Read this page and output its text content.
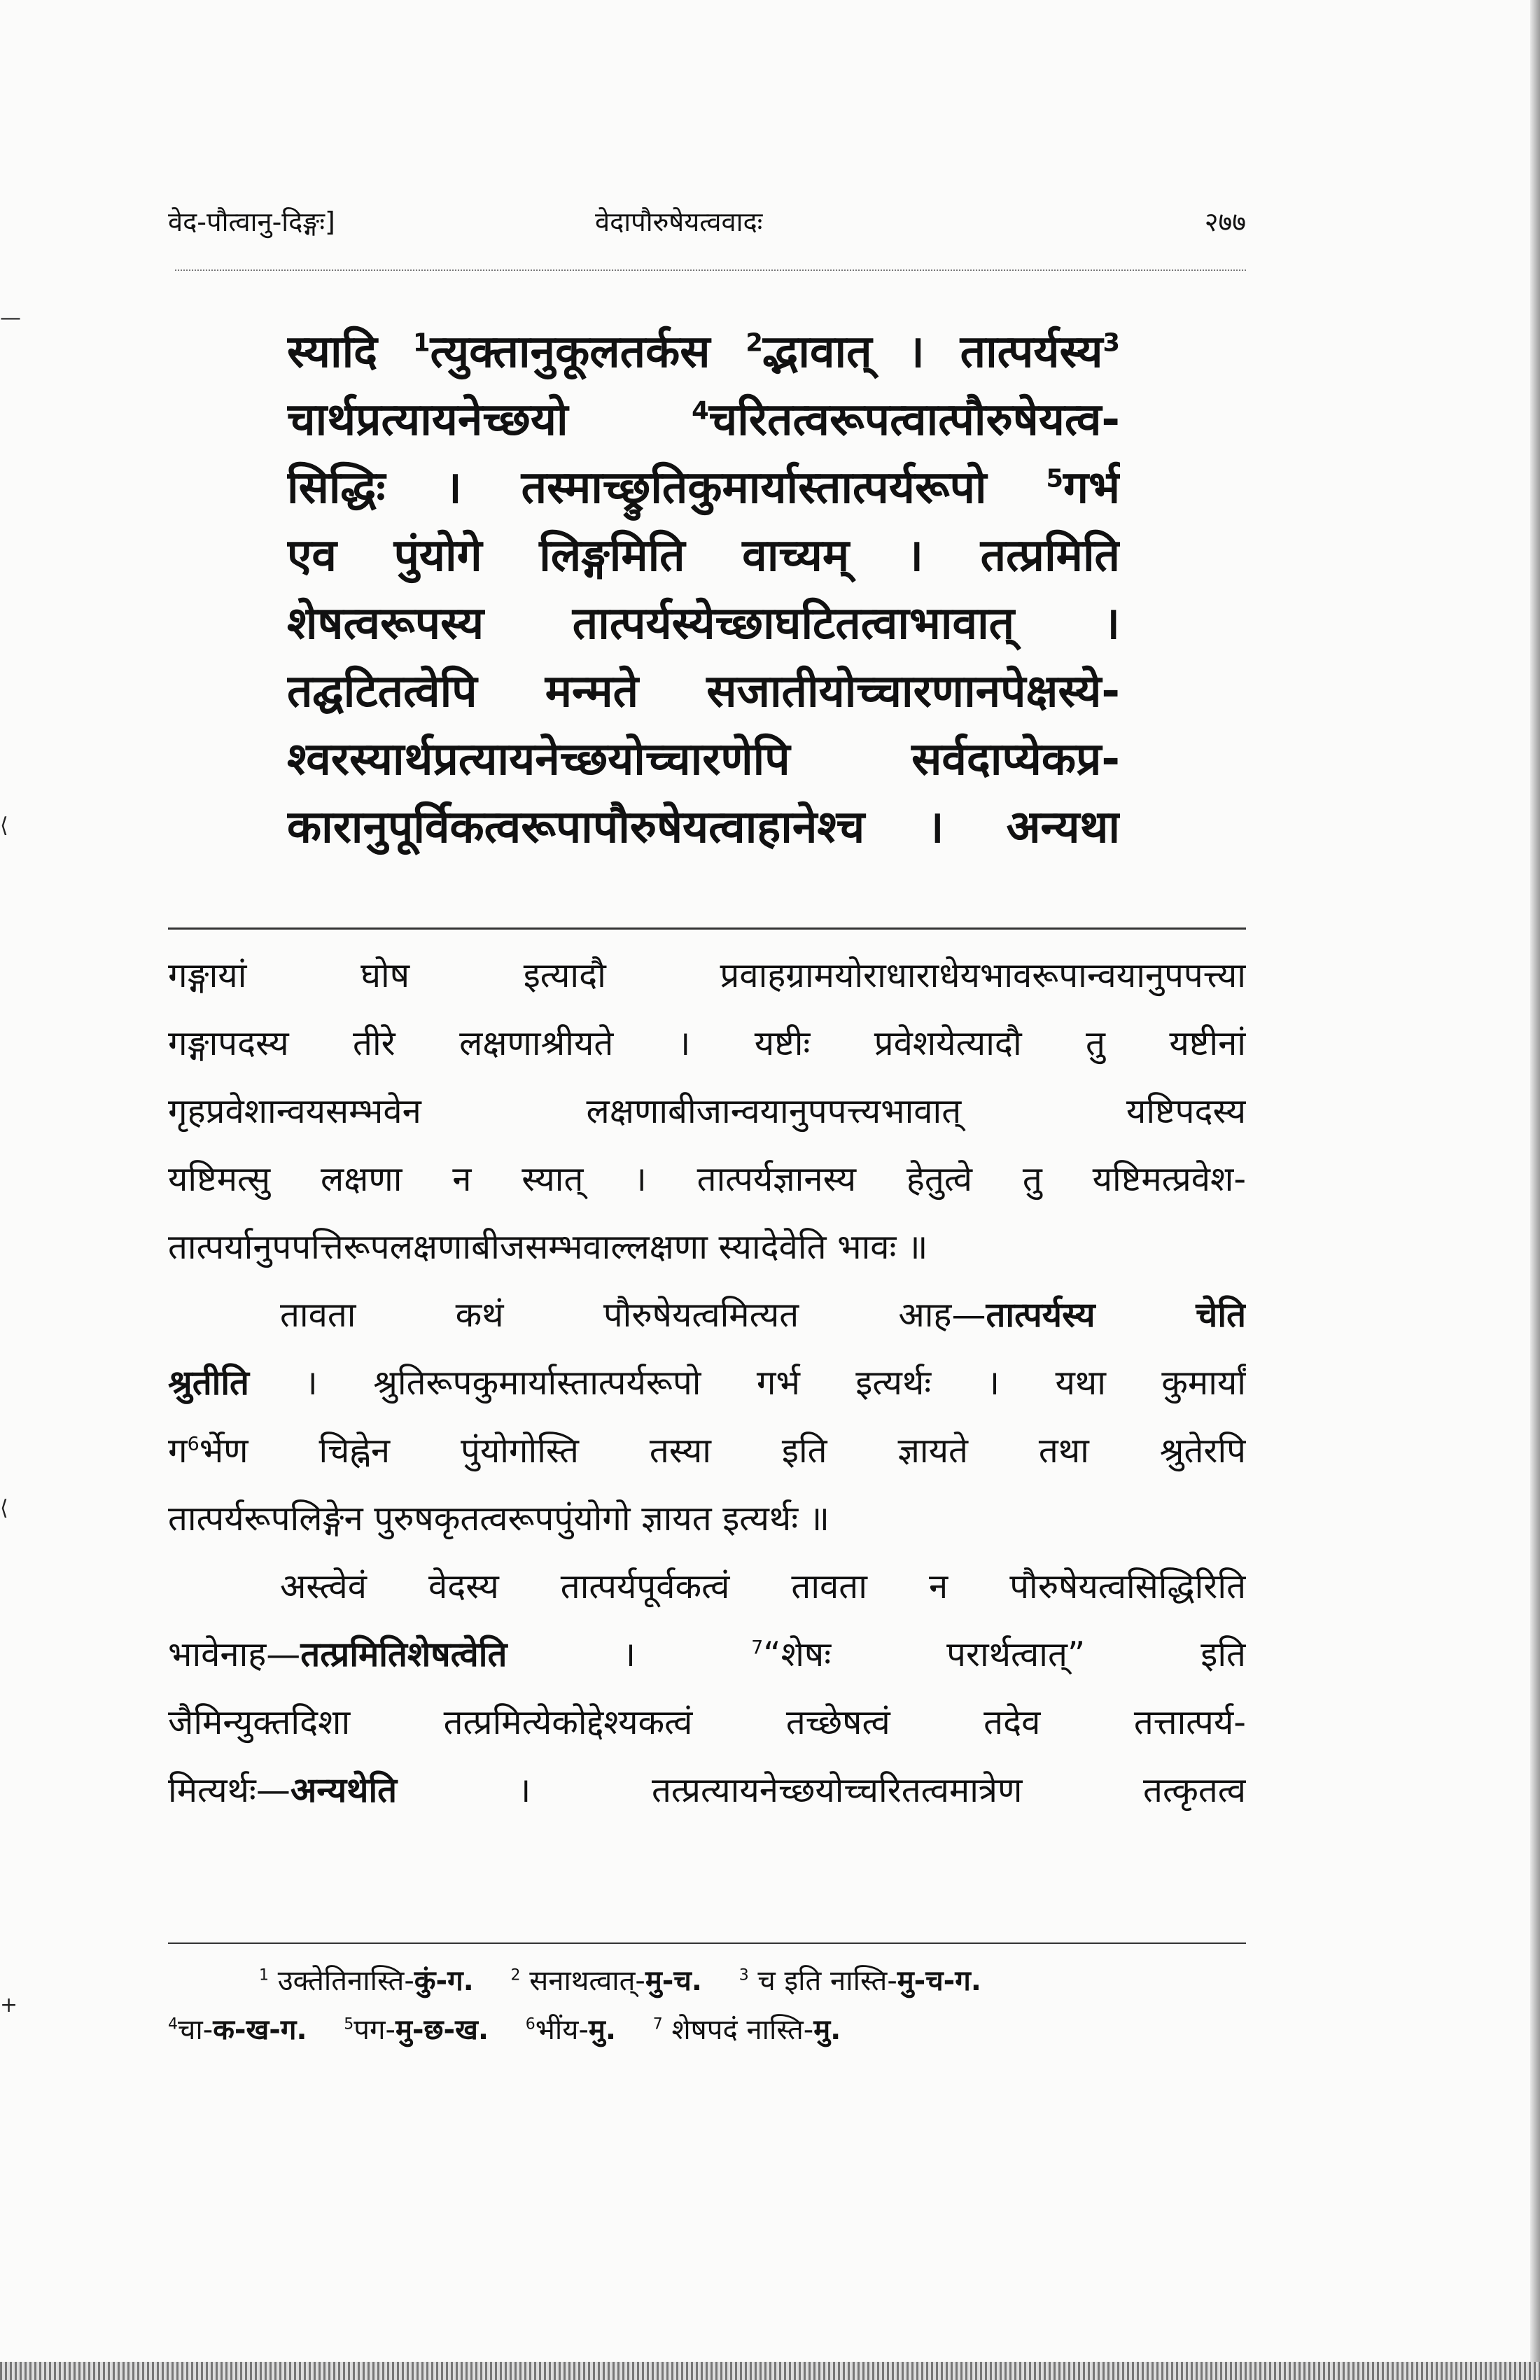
—
⟨
⟨
+
वेद-पौत्वानु-दिङ्गः]	वेदापौरुषेयत्ववादः	२७७
स्यादि $^1$त्युक्तानुकूलतर्कस $^2$द्भावात् । तात्पर्यस्य$^3$
चार्थप्रत्यायनेच्छयो $^4$चरितत्वरूपत्वात्पौरुषेयत्व-
सिद्धिः । तस्माच्छ्रुतिकुमार्यास्तात्पर्यरूपो $^5$गर्भ
एव पुंयोगे लिङ्गमिति वाच्यम् । तत्प्रमिति
शेषत्वरूपस्य तात्पर्यस्येच्छाघटितत्वाभावात् ।
तद्घटितत्वेपि मन्मते सजातीयोच्चारणानपेक्षस्ये-
श्वरस्यार्थप्रत्यायनेच्छयोच्चारणेपि सर्वदाप्येकप्र-
कारानुपूर्विकत्वरूपापौरुषेयत्वाहानेश्च । अन्यथा
गङ्गायां घोष इत्यादौ प्रवाहग्रामयोराधाराधेयभावरूपान्वयानुपपत्त्या
गङ्गापदस्य तीरे लक्षणाश्रीयते । यष्टीः प्रवेशयेत्यादौ तु यष्टीनां
गृहप्रवेशान्वयसम्भवेन लक्षणाबीजान्वयानुपपत्त्यभावात् यष्टिपदस्य
यष्टिमत्सु लक्षणा न स्यात् । तात्पर्यज्ञानस्य हेतुत्वे तु यष्टिमत्प्रवेश-
तात्पर्यानुपपत्तिरूपलक्षणाबीजसम्भवाल्लक्षणा स्यादेवेति भावः ॥
तावता कथं पौरुषेयत्वमित्यत आह—तात्पर्यस्य चेति
श्रुतीति । श्रुतिरूपकुमार्यास्तात्पर्यरूपो गर्भ इत्यर्थः । यथा कुमार्यां
ग$^6$र्भेण चिह्नेन पुंयोगोस्ति तस्या इति ज्ञायते तथा श्रुतेरपि
तात्पर्यरूपलिङ्गेन पुरुषकृतत्वरूपपुंयोगो ज्ञायत इत्यर्थः ॥
अस्त्वेवं वेदस्य तात्पर्यपूर्वकत्वं तावता न पौरुषेयत्वसिद्धिरिति
भावेनाह—तत्प्रमितिशेषत्वेति । $^7$“शेषः परार्थत्वात्” इति
जैमिन्युक्तदिशा तत्प्रमित्येकोद्देश्यकत्वं तच्छेषत्वं तदेव तत्तात्पर्य-
मित्यर्थः—अन्यथेति । तत्प्रत्यायनेच्छयोच्चरितत्वमात्रेण तत्कृतत्व
$^1$ उक्तेतिनास्ति-कुं-ग. $^2$ सनाथत्वात्-मु-च. $^3$ च इति नास्ति-मु-च-ग.
$^4$चा-क-ख-ग. $^5$पग-मु-छ-ख. $^6$भींय-मु. $^7$ शेषपदं नास्ति-मु.
